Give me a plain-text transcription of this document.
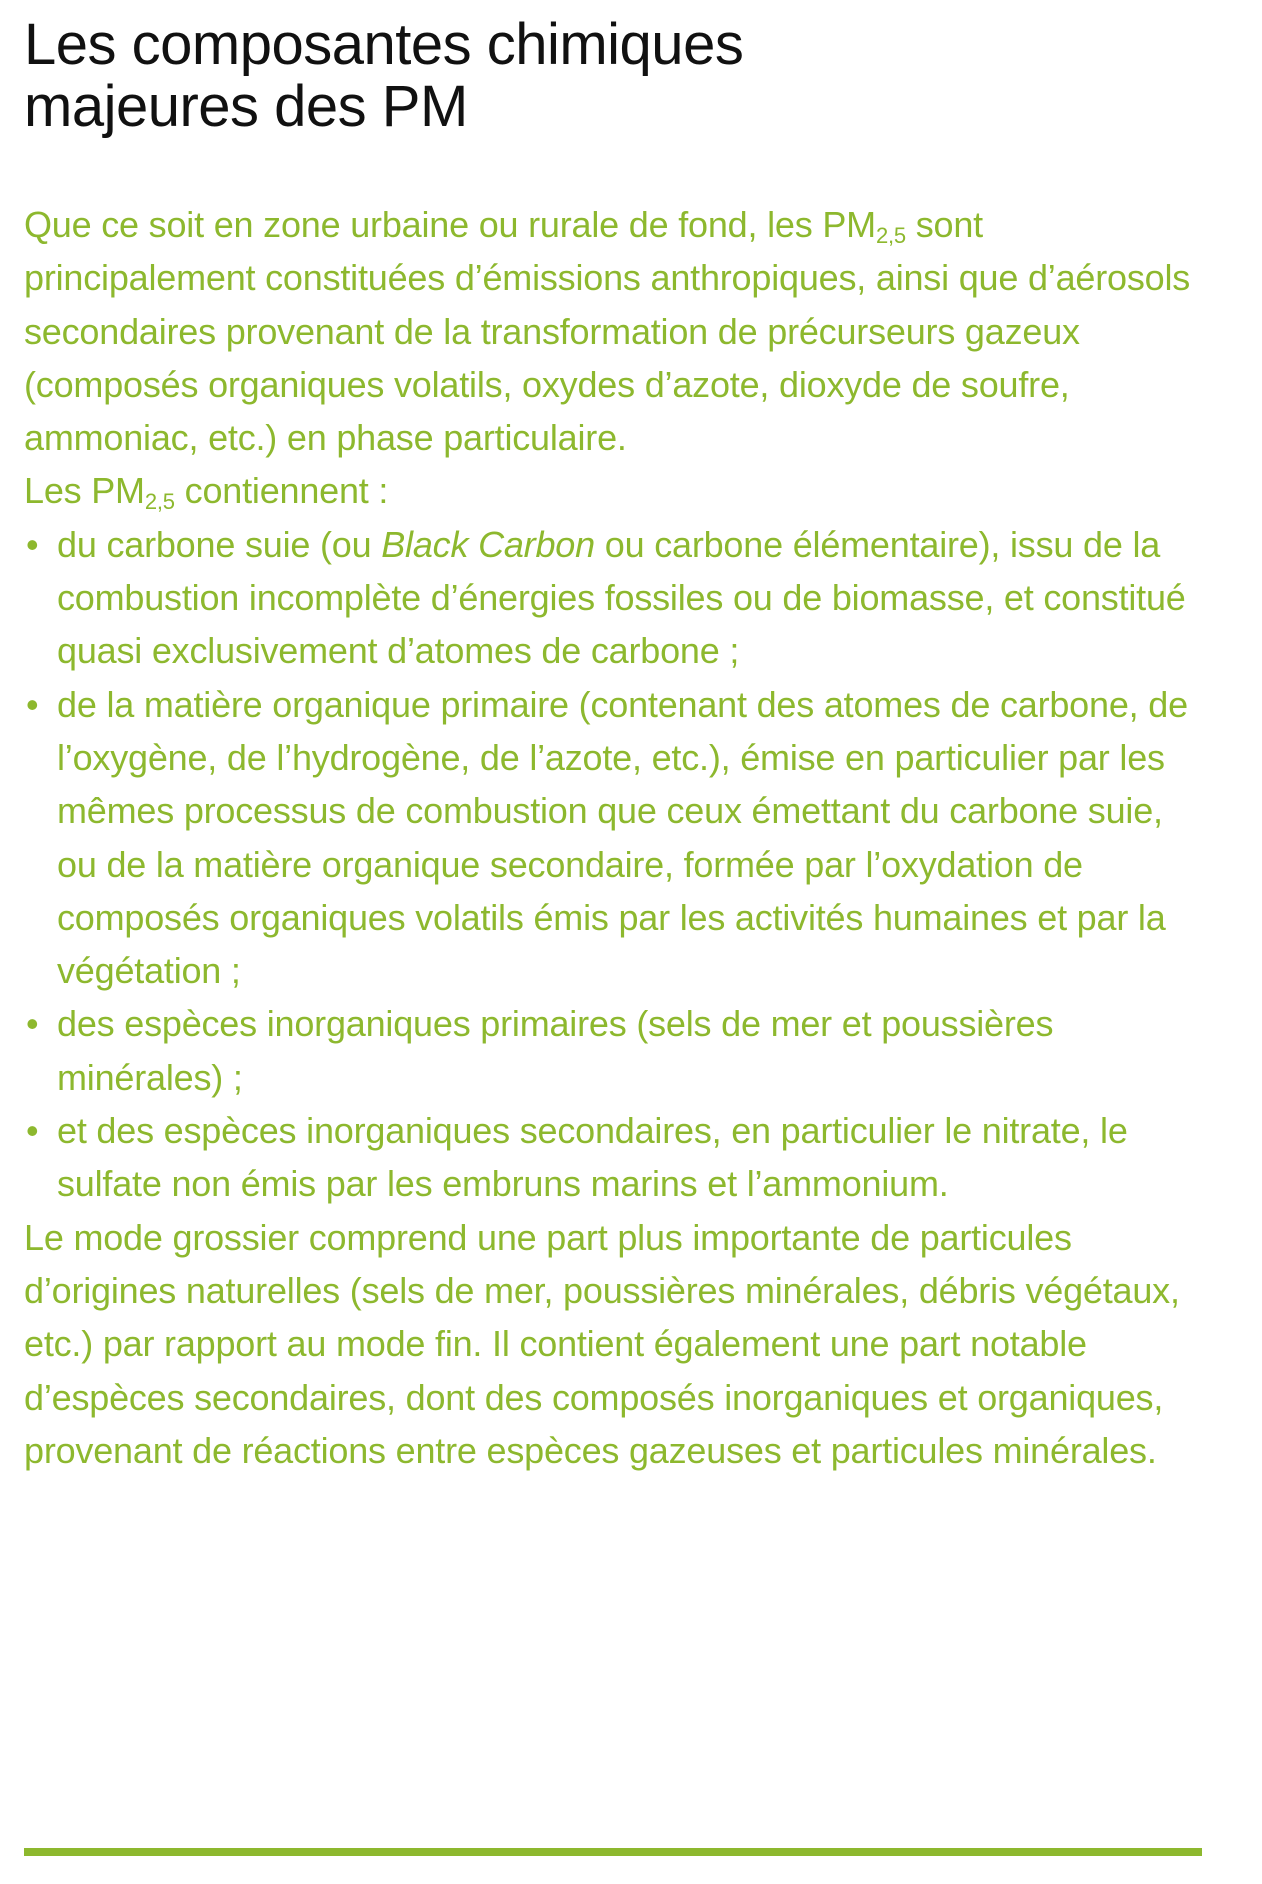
Les composantes chimiques
majeures des PM

Que ce soit en zone urbaine ou rurale de fond, les $PM_{2,5}$ sont principalement constituées d’émissions anthropiques, ainsi que d’aérosols secondaires provenant de la transformation de précurseurs gazeux (composés organiques volatils, oxydes d’azote, dioxyde de soufre, ammoniac, etc.) en phase particulaire.

Les $PM_{2,5}$ contiennent :

• du carbone suie (ou Black Carbon ou carbone élémentaire), issu de la combustion incomplète d’énergies fossiles ou de biomasse, et constitué quasi exclusivement d’atomes de carbone ;
• de la matière organique primaire (contenant des atomes de carbone, de l’oxygène, de l’hydrogène, de l’azote, etc.), émise en particulier par les mêmes processus de combustion que ceux émettant du carbone suie, ou de la matière organique secondaire, formée par l’oxydation de composés organiques volatils émis par les activités humaines et par la végétation ;
• des espèces inorganiques primaires (sels de mer et poussières minérales) ;
• et des espèces inorganiques secondaires, en particulier le nitrate, le sulfate non émis par les embruns marins et l’ammonium.

Le mode grossier comprend une part plus importante de particules d’origines naturelles (sels de mer, poussières minérales, débris végétaux, etc.) par rapport au mode fin. Il contient également une part notable d’espèces secondaires, dont des composés inorganiques et organiques, provenant de réactions entre espèces gazeuses et particules minérales.
